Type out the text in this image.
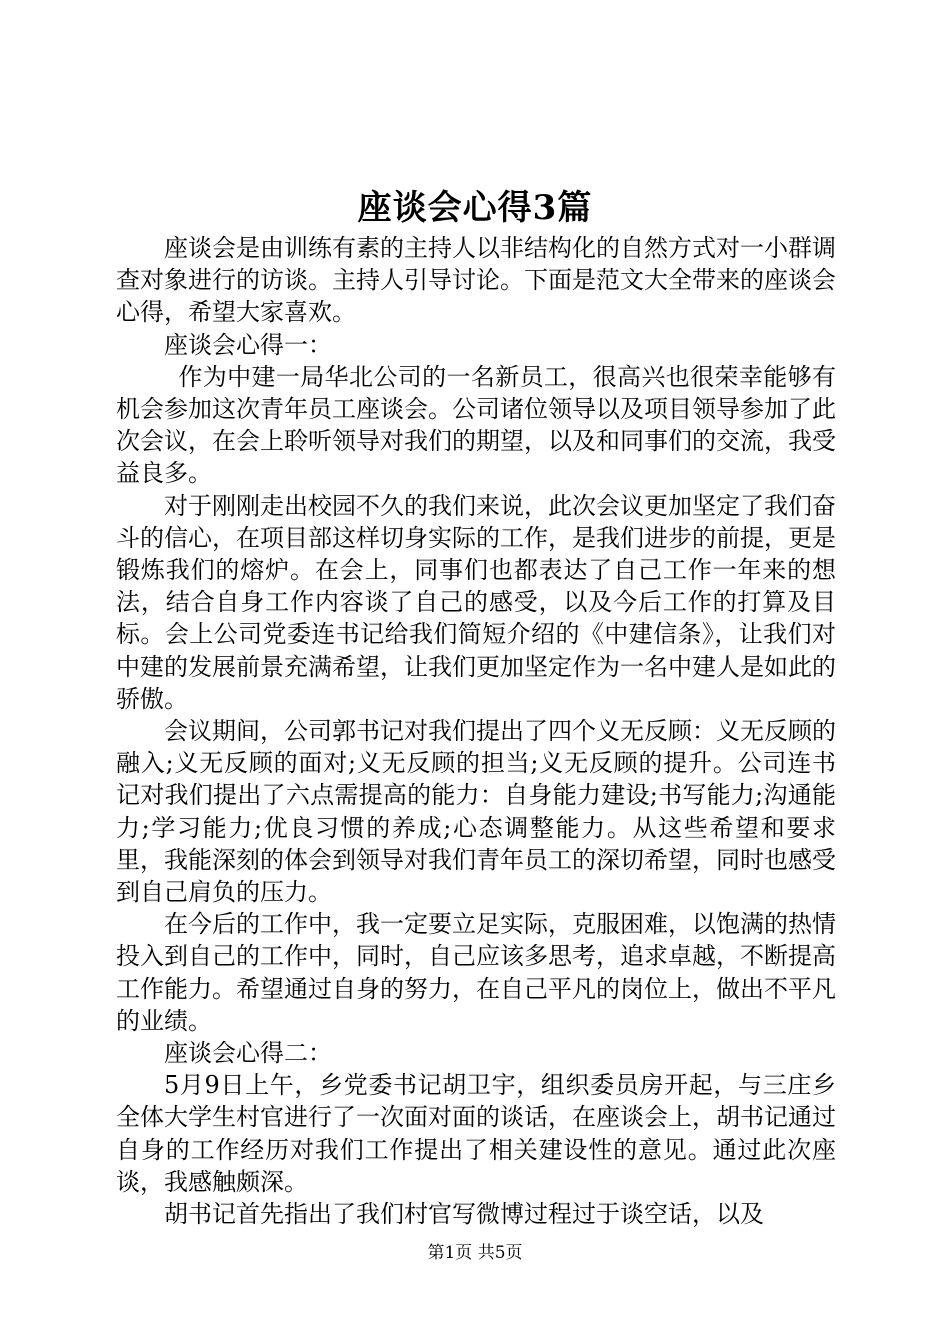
座谈会心得3篇

座谈会是由训练有素的主持人以非结构化的自然方式对一小群调查对象进行的访谈。主持人引导讨论。下面是范文大全带来的座谈会心得，希望大家喜欢。

座谈会心得一：

作为中建一局华北公司的一名新员工，很高兴也很荣幸能够有机会参加这次青年员工座谈会。公司诸位领导以及项目领导参加了此次会议，在会上聆听领导对我们的期望，以及和同事们的交流，我受益良多。

对于刚刚走出校园不久的我们来说，此次会议更加坚定了我们奋斗的信心，在项目部这样切身实际的工作，是我们进步的前提，更是锻炼我们的熔炉。在会上，同事们也都表达了自己工作一年来的想法，结合自身工作内容谈了自己的感受，以及今后工作的打算及目标。会上公司党委连书记给我们简短介绍的《中建信条》，让我们对中建的发展前景充满希望，让我们更加坚定作为一名中建人是如此的骄傲。

会议期间，公司郭书记对我们提出了四个义无反顾：义无反顾的融入;义无反顾的面对;义无反顾的担当;义无反顾的提升。公司连书记对我们提出了六点需提高的能力：自身能力建设;书写能力;沟通能力;学习能力;优良习惯的养成;心态调整能力。从这些希望和要求里，我能深刻的体会到领导对我们青年员工的深切希望，同时也感受到自己肩负的压力。

在今后的工作中，我一定要立足实际，克服困难，以饱满的热情投入到自己的工作中，同时，自己应该多思考，追求卓越，不断提高工作能力。希望通过自身的努力，在自己平凡的岗位上，做出不平凡的业绩。

座谈会心得二：

5月9日上午，乡党委书记胡卫宇，组织委员房开起，与三庄乡全体大学生村官进行了一次面对面的谈话，在座谈会上，胡书记通过自身的工作经历对我们工作提出了相关建设性的意见。通过此次座谈，我感触颇深。

胡书记首先指出了我们村官写微博过程过于谈空话，以及

第1页 共5页
